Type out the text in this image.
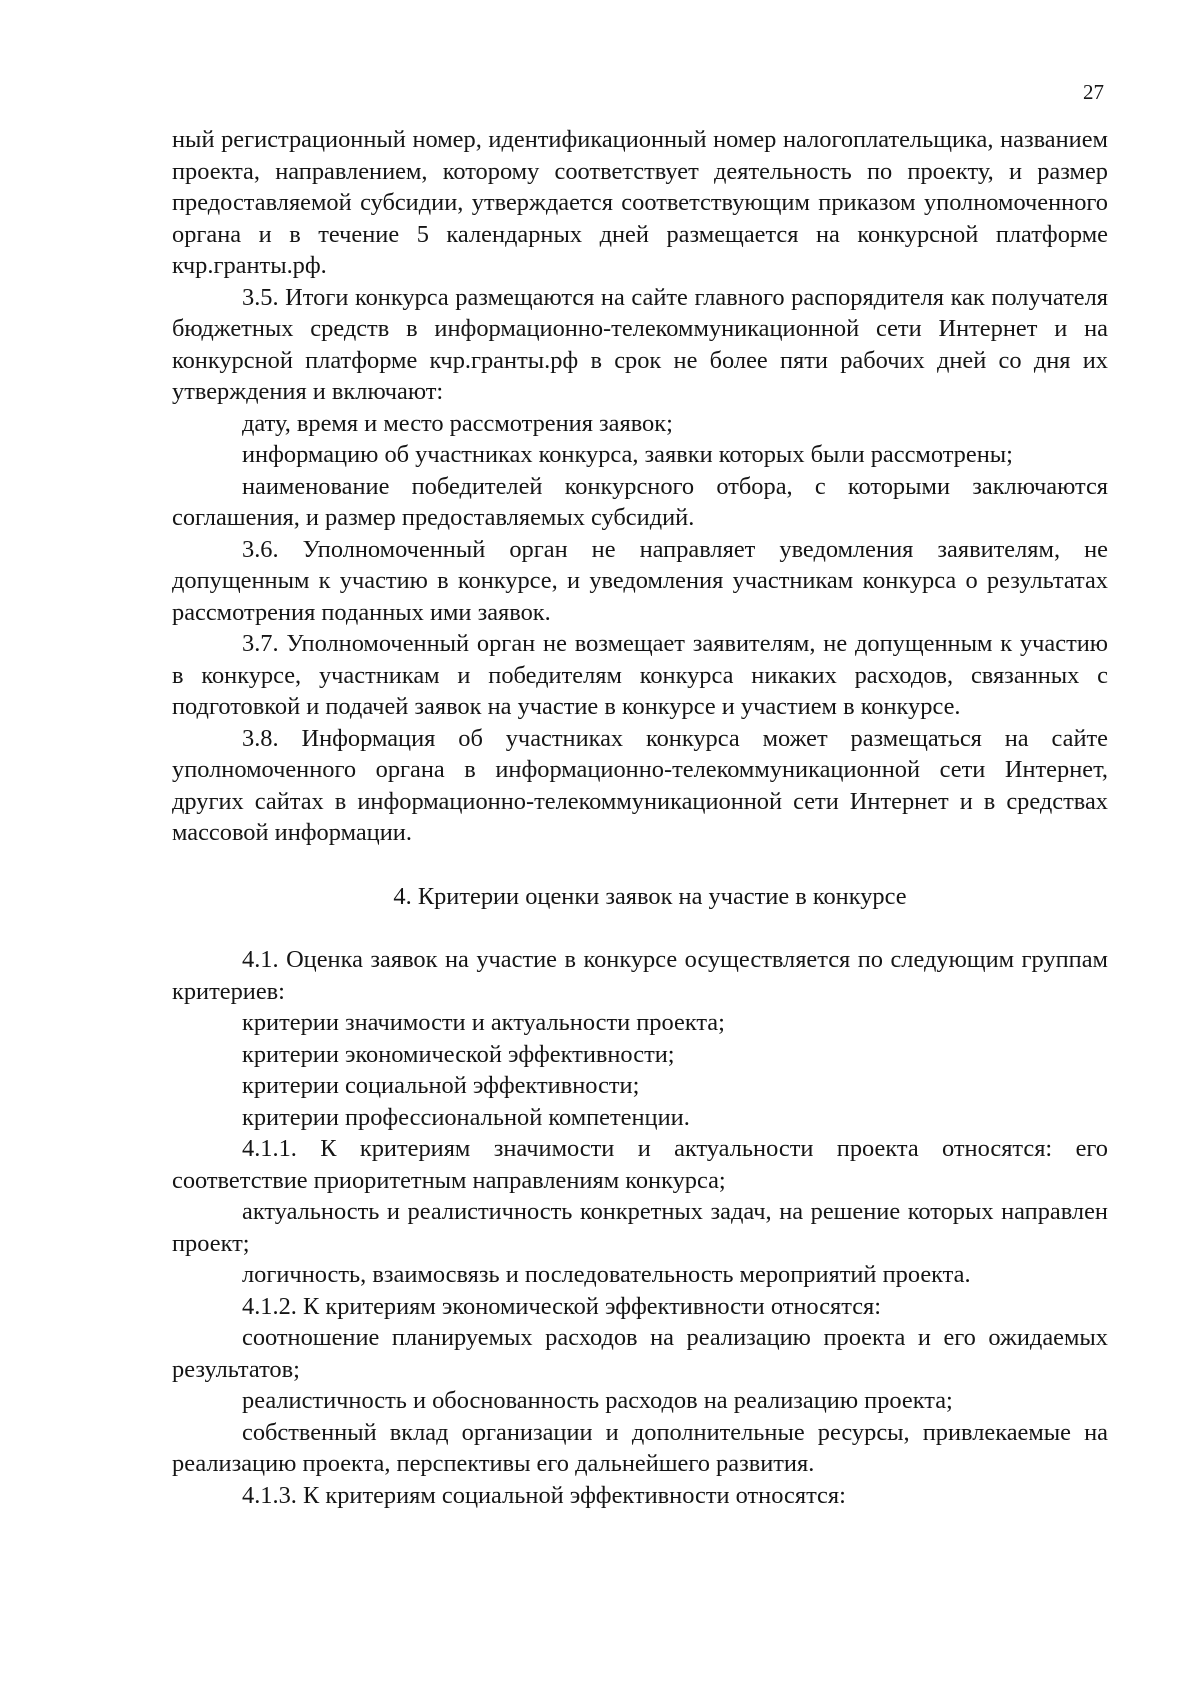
27

ный регистрационный номер, идентификационный номер налогоплательщика, названием проекта, направлением, которому соответствует деятельность по проекту, и размер предоставляемой субсидии, утверждается соответствующим приказом уполномоченного органа и в течение 5 календарных дней размещается на конкурсной платформе кчр.гранты.рф.

3.5. Итоги конкурса размещаются на сайте главного распорядителя как получателя бюджетных средств в информационно-телекоммуникационной сети Интернет и на конкурсной платформе кчр.гранты.рф в срок не более пяти рабочих дней со дня их утверждения и включают:

дату, время и место рассмотрения заявок;

информацию об участниках конкурса, заявки которых были рассмотрены;

наименование победителей конкурсного отбора, с которыми заключаются соглашения, и размер предоставляемых субсидий.

3.6. Уполномоченный орган не направляет уведомления заявителям, не допущенным к участию в конкурсе, и уведомления участникам конкурса о результатах рассмотрения поданных ими заявок.

3.7. Уполномоченный орган не возмещает заявителям, не допущенным к участию в конкурсе, участникам и победителям конкурса никаких расходов, связанных с подготовкой и подачей заявок на участие в конкурсе и участием в конкурсе.

3.8. Информация об участниках конкурса может размещаться на сайте уполномоченного органа в информационно-телекоммуникационной сети Интернет, других сайтах в информационно-телекоммуникационной сети Интернет и в средствах массовой информации.

4. Критерии оценки заявок на участие в конкурсе

4.1. Оценка заявок на участие в конкурсе осуществляется по следующим группам критериев:

критерии значимости и актуальности проекта;

критерии экономической эффективности;

критерии социальной эффективности;

критерии профессиональной компетенции.

4.1.1. К критериям значимости и актуальности проекта относятся: его соответствие приоритетным направлениям конкурса;

актуальность и реалистичность конкретных задач, на решение которых направлен проект;

логичность, взаимосвязь и последовательность мероприятий проекта.

4.1.2. К критериям экономической эффективности относятся:

соотношение планируемых расходов на реализацию проекта и его ожидаемых результатов;

реалистичность и обоснованность расходов на реализацию проекта;

собственный вклад организации и дополнительные ресурсы, привлекаемые на реализацию проекта, перспективы его дальнейшего развития.

4.1.3. К критериям социальной эффективности относятся:
